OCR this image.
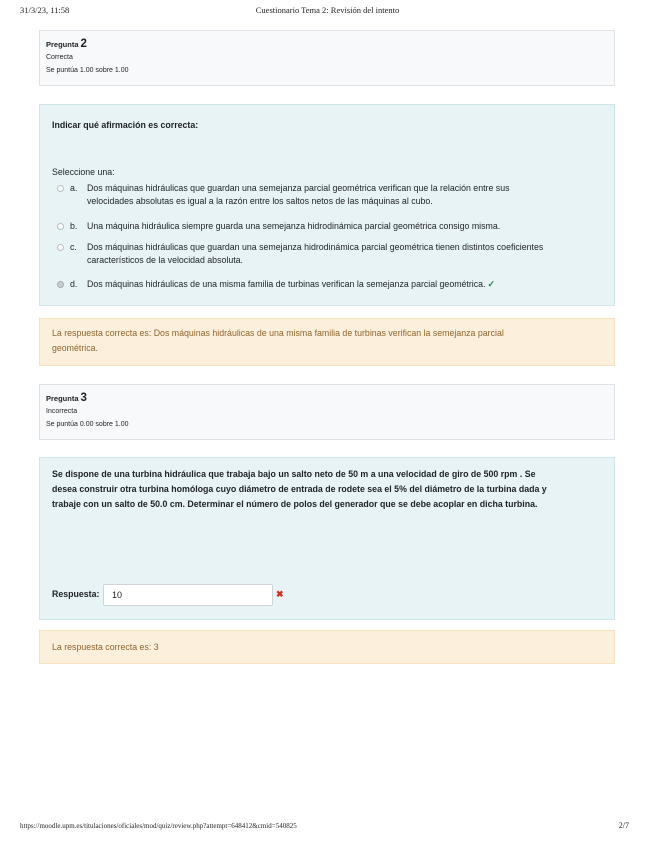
31/3/23, 11:58	Cuestionario Tema 2: Revisión del intento
Pregunta 2
Correcta
Se puntúa 1.00 sobre 1.00
Indicar qué afirmación es correcta:
Seleccione una:
a. Dos máquinas hidráulicas que guardan una semejanza parcial geométrica verifican que la relación entre sus
velocidades absolutas es igual a la razón entre los saltos netos de las máquinas al cubo.
b. Una máquina hidráulica siempre guarda una semejanza hidrodinámica parcial geométrica consigo misma.
c. Dos máquinas hidráulicas que guardan una semejanza hidrodinámica parcial geométrica tienen distintos coeficientes
característicos de la velocidad absoluta.
d. Dos máquinas hidráulicas de una misma familia de turbinas verifican la semejanza parcial geométrica. ✓
La respuesta correcta es: Dos máquinas hidráulicas de una misma familia de turbinas verifican la semejanza parcial
geométrica.
Pregunta 3
Incorrecta
Se puntúa 0.00 sobre 1.00
Se dispone de una turbina hidráulica que trabaja bajo un salto neto de 50 m a una velocidad de giro de 500 rpm . Se
desea construir otra turbina homóloga cuyo diámetro de entrada de rodete sea el 5% del diámetro de la turbina dada y
trabaje con un salto de 50.0 cm. Determinar el número de polos del generador que se debe acoplar en dicha turbina.
Respuesta:	10	✖
La respuesta correcta es: 3
https://moodle.upm.es/titulaciones/oficiales/mod/quiz/review.php?attempt=648412&cmid=540825	2/7
